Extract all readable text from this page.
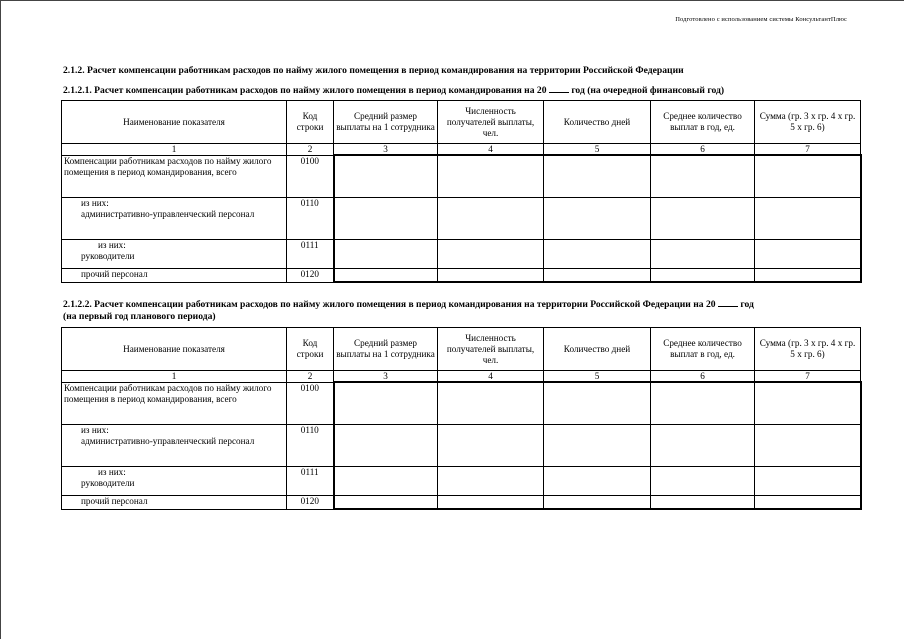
Подготовлено с использованием системы КонсультантПлюс
2.1.2. Расчет компенсации работникам расходов по найму жилого помещения в период командирования на территории Российской Федерации
2.1.2.1. Расчет компенсации работникам расходов по найму жилого помещения в период командирования на 20	год (на очередной финансовый год)
Наименование показателя	Код строки	Средний размер выплаты на 1 сотрудника	Численность получателей выплаты, чел.	Количество дней	Среднее количество выплат в год, ед.	Сумма (гр. 3 x гр. 4 x гр. 5 x гр. 6)
1	2	3	4	5	6	7
Компенсации работникам расходов по найму жилого помещения в период командирования, всего	0100					

из них:
административно-управленческий персонал	0110					

из них:
руководители	0111					

прочий персонал	0120					
2.1.2.2. Расчет компенсации работникам расходов по найму жилого помещения в период командирования на территории Российской Федерации на 20	год
(на первый год планового периода)
Наименование показателя	Код строки	Средний размер выплаты на 1 сотрудника	Численность получателей выплаты, чел.	Количество дней	Среднее количество выплат в год, ед.	Сумма (гр. 3 x гр. 4 x гр. 5 x гр. 6)
1	2	3	4	5	6	7
Компенсации работникам расходов по найму жилого помещения в период командирования, всего	0100					

из них:
административно-управленческий персонал	0110					

из них:
руководители	0111					

прочий персонал	0120					
